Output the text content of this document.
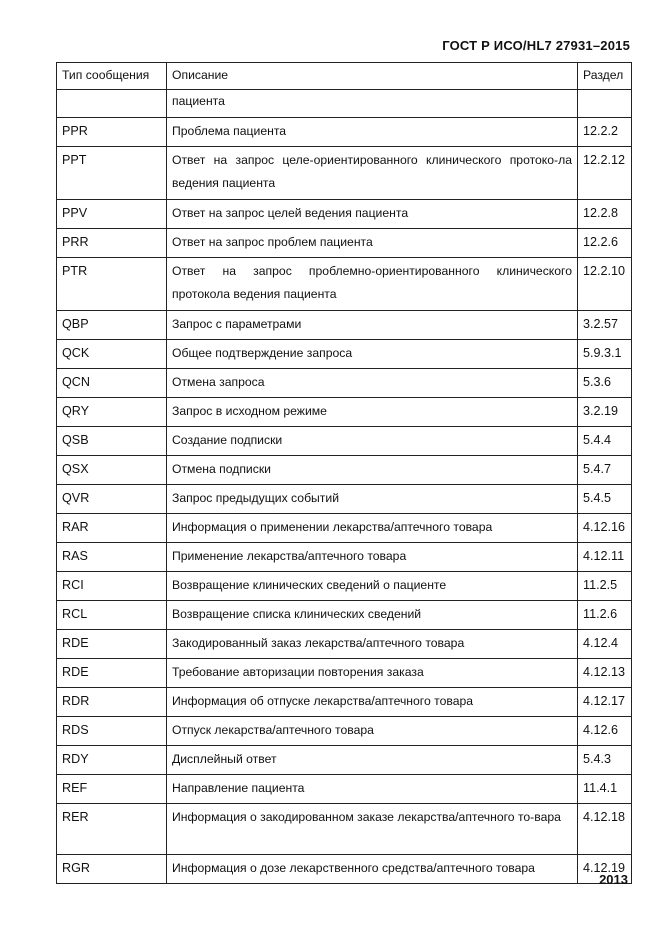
ГОСТ Р ИСО/HL7 27931–2015
Тип сообщения	Описание	Раздел
	пациента	
PPR	Проблема пациента	12.2.2
PPT	Ответ на запрос целе-ориентированного клинического протоко-ла ведения пациента	12.2.12
PPV	Ответ на запрос целей ведения пациента	12.2.8
PRR	Ответ на запрос проблем пациента	12.2.6
PTR	Ответ на запрос проблемно-ориентированного клинического протокола ведения пациента	12.2.10
QBP	Запрос с параметрами	3.2.57
QCK	Общее подтверждение запроса	5.9.3.1
QCN	Отмена запроса	5.3.6
QRY	Запрос в исходном режиме	3.2.19
QSB	Создание подписки	5.4.4
QSX	Отмена подписки	5.4.7
QVR	Запрос предыдущих событий	5.4.5
RAR	Информация о применении лекарства/аптечного товара	4.12.16
RAS	Применение лекарства/аптечного товара	4.12.11
RCI	Возвращение клинических сведений о пациенте	11.2.5
RCL	Возвращение списка клинических сведений	11.2.6
RDE	Закодированный заказ лекарства/аптечного товара	4.12.4
RDE	Требование авторизации повторения заказа	4.12.13
RDR	Информация об отпуске лекарства/аптечного товара	4.12.17
RDS	Отпуск лекарства/аптечного товара	4.12.6
RDY	Дисплейный ответ	5.4.3
REF	Направление пациента	11.4.1
RER	Информация о закодированном заказе лекарства/аптечного то-вара	4.12.18
RGR	Информация о дозе лекарственного средства/аптечного товара	4.12.19
2013
